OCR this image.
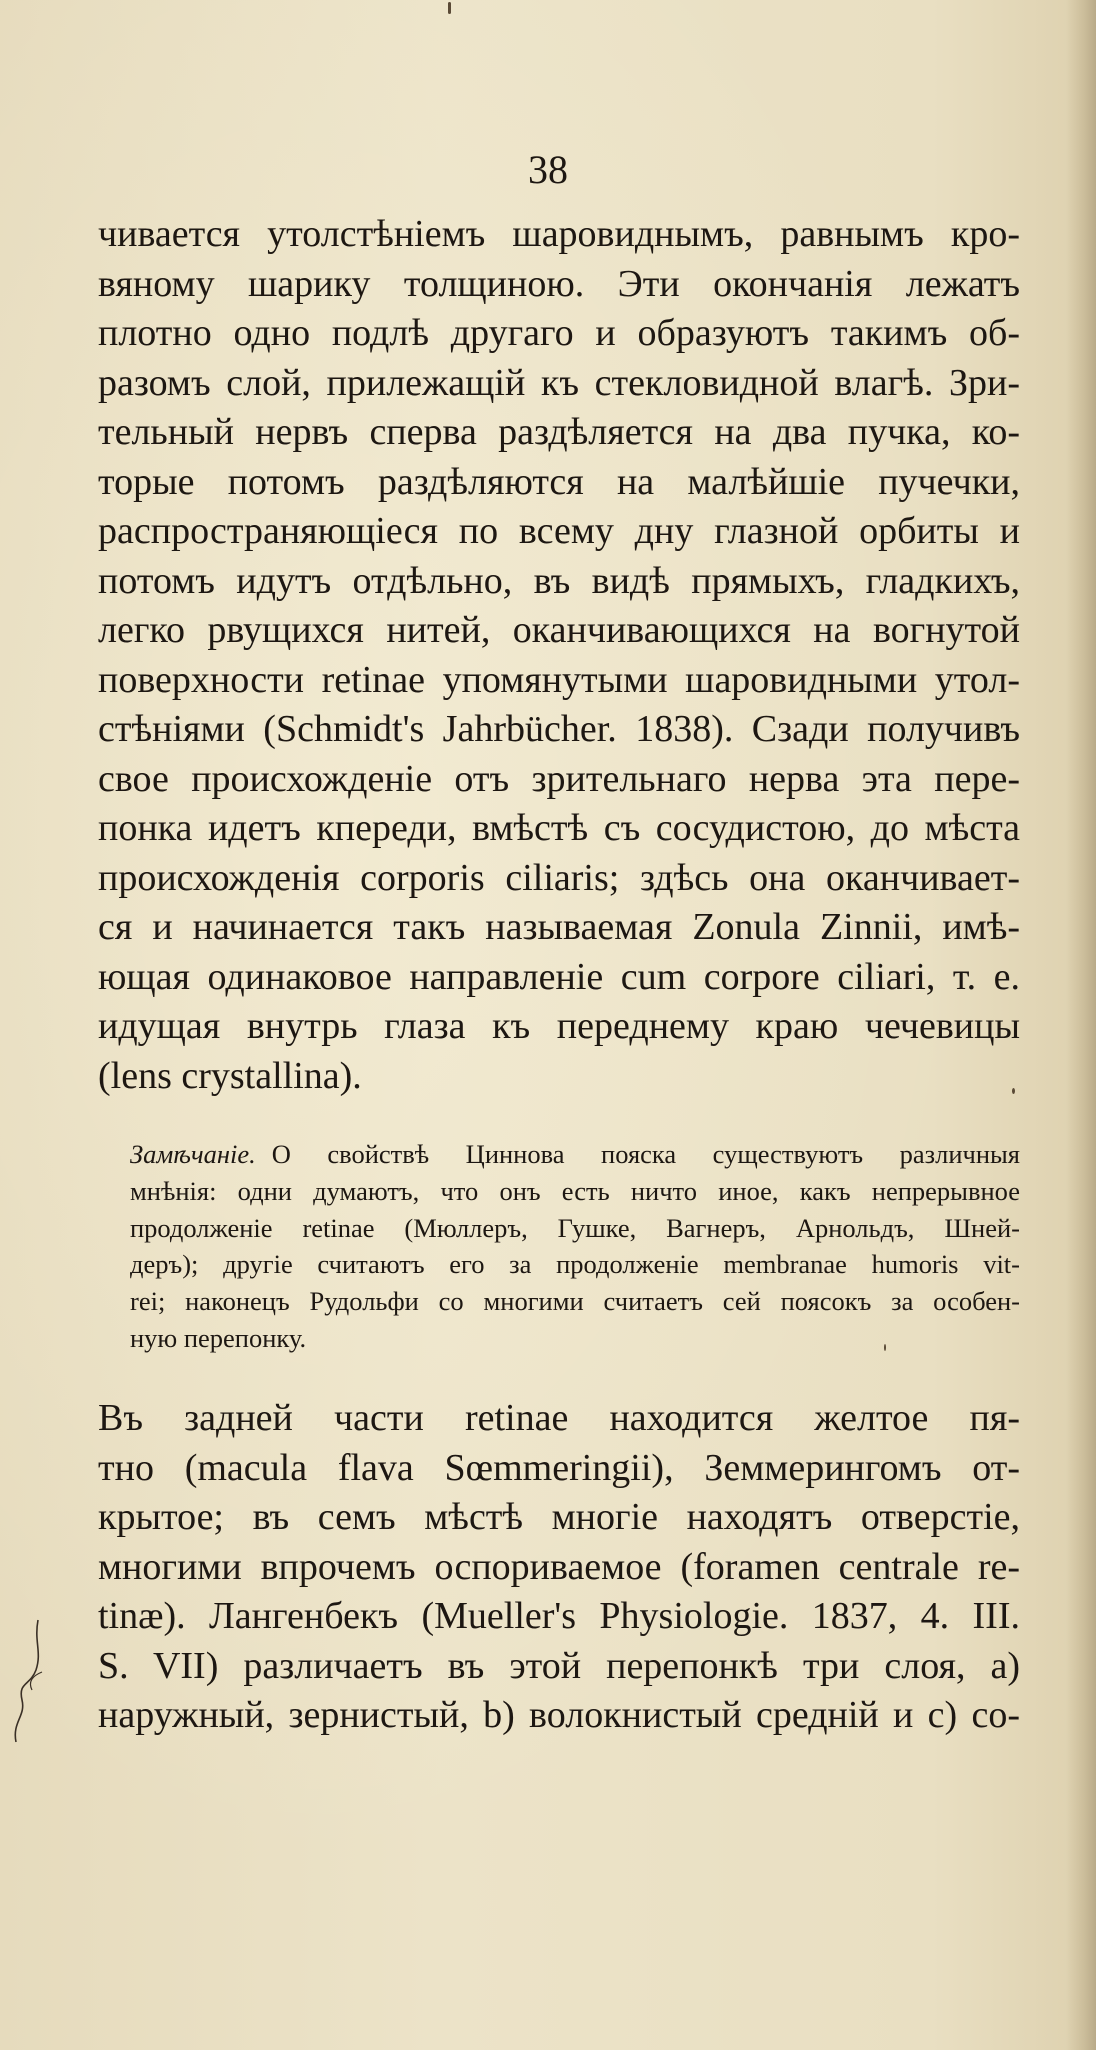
38
чивается утолстѣніемъ шаровиднымъ, равнымъ кро-
вяному шарику толщиною. Эти окончанія лежатъ
плотно одно подлѣ другаго и образуютъ такимъ об-
разомъ слой, прилежащій къ стекловидной влагѣ. Зри-
тельный нервъ сперва раздѣляется на два пучка, ко-
торые потомъ раздѣляются на малѣйшіе пучечки,
распространяющіеся по всему дну глазной орбиты и
потомъ идутъ отдѣльно, въ видѣ прямыхъ, гладкихъ,
легко рвущихся нитей, оканчивающихся на вогнутой
поверхности retinae упомянутыми шаровидными утол-
стѣніями (Schmidt's Jahrbücher. 1838). Сзади получивъ
свое происхожденіе отъ зрительнаго нерва эта пере-
понка идетъ кпереди, вмѣстѣ съ сосудистою, до мѣста
происхожденія corporis ciliaris; здѣсь она оканчивает-
ся и начинается такъ называемая Zonula Zinnii, имѣ-
ющая одинаковое направленіе cum corpore ciliari, т. е.
идущая внутрь глаза къ переднему краю чечевицы
(lens crystallina).
Замѣчаніе. О свойствѣ Циннова пояска существуютъ различныя
мнѣнія: одни думаютъ, что онъ есть ничто иное, какъ непрерывное
продолженіе retinae (Мюллеръ, Гушке, Вагнеръ, Арнольдъ, Шней-
деръ); другіе считаютъ его за продолженіе membranae humoris vit-
rei; наконецъ Рудольфи со многими считаетъ сей поясокъ за особен-
ную перепонку.
Въ задней части retinae находится желтое пя-
тно (macula flava Sœmmeringii), Земмерингомъ от-
крытое; въ семъ мѣстѣ многіе находятъ отверстіе,
многими впрочемъ оспориваемое (foramen centrale re-
tinæ). Лангенбекъ (Mueller's Physiologie. 1837, 4. III.
S. VII) различаетъ въ этой перепонкѣ три слоя, a)
наружный, зернистый, b) волокнистый средній и c) со-
